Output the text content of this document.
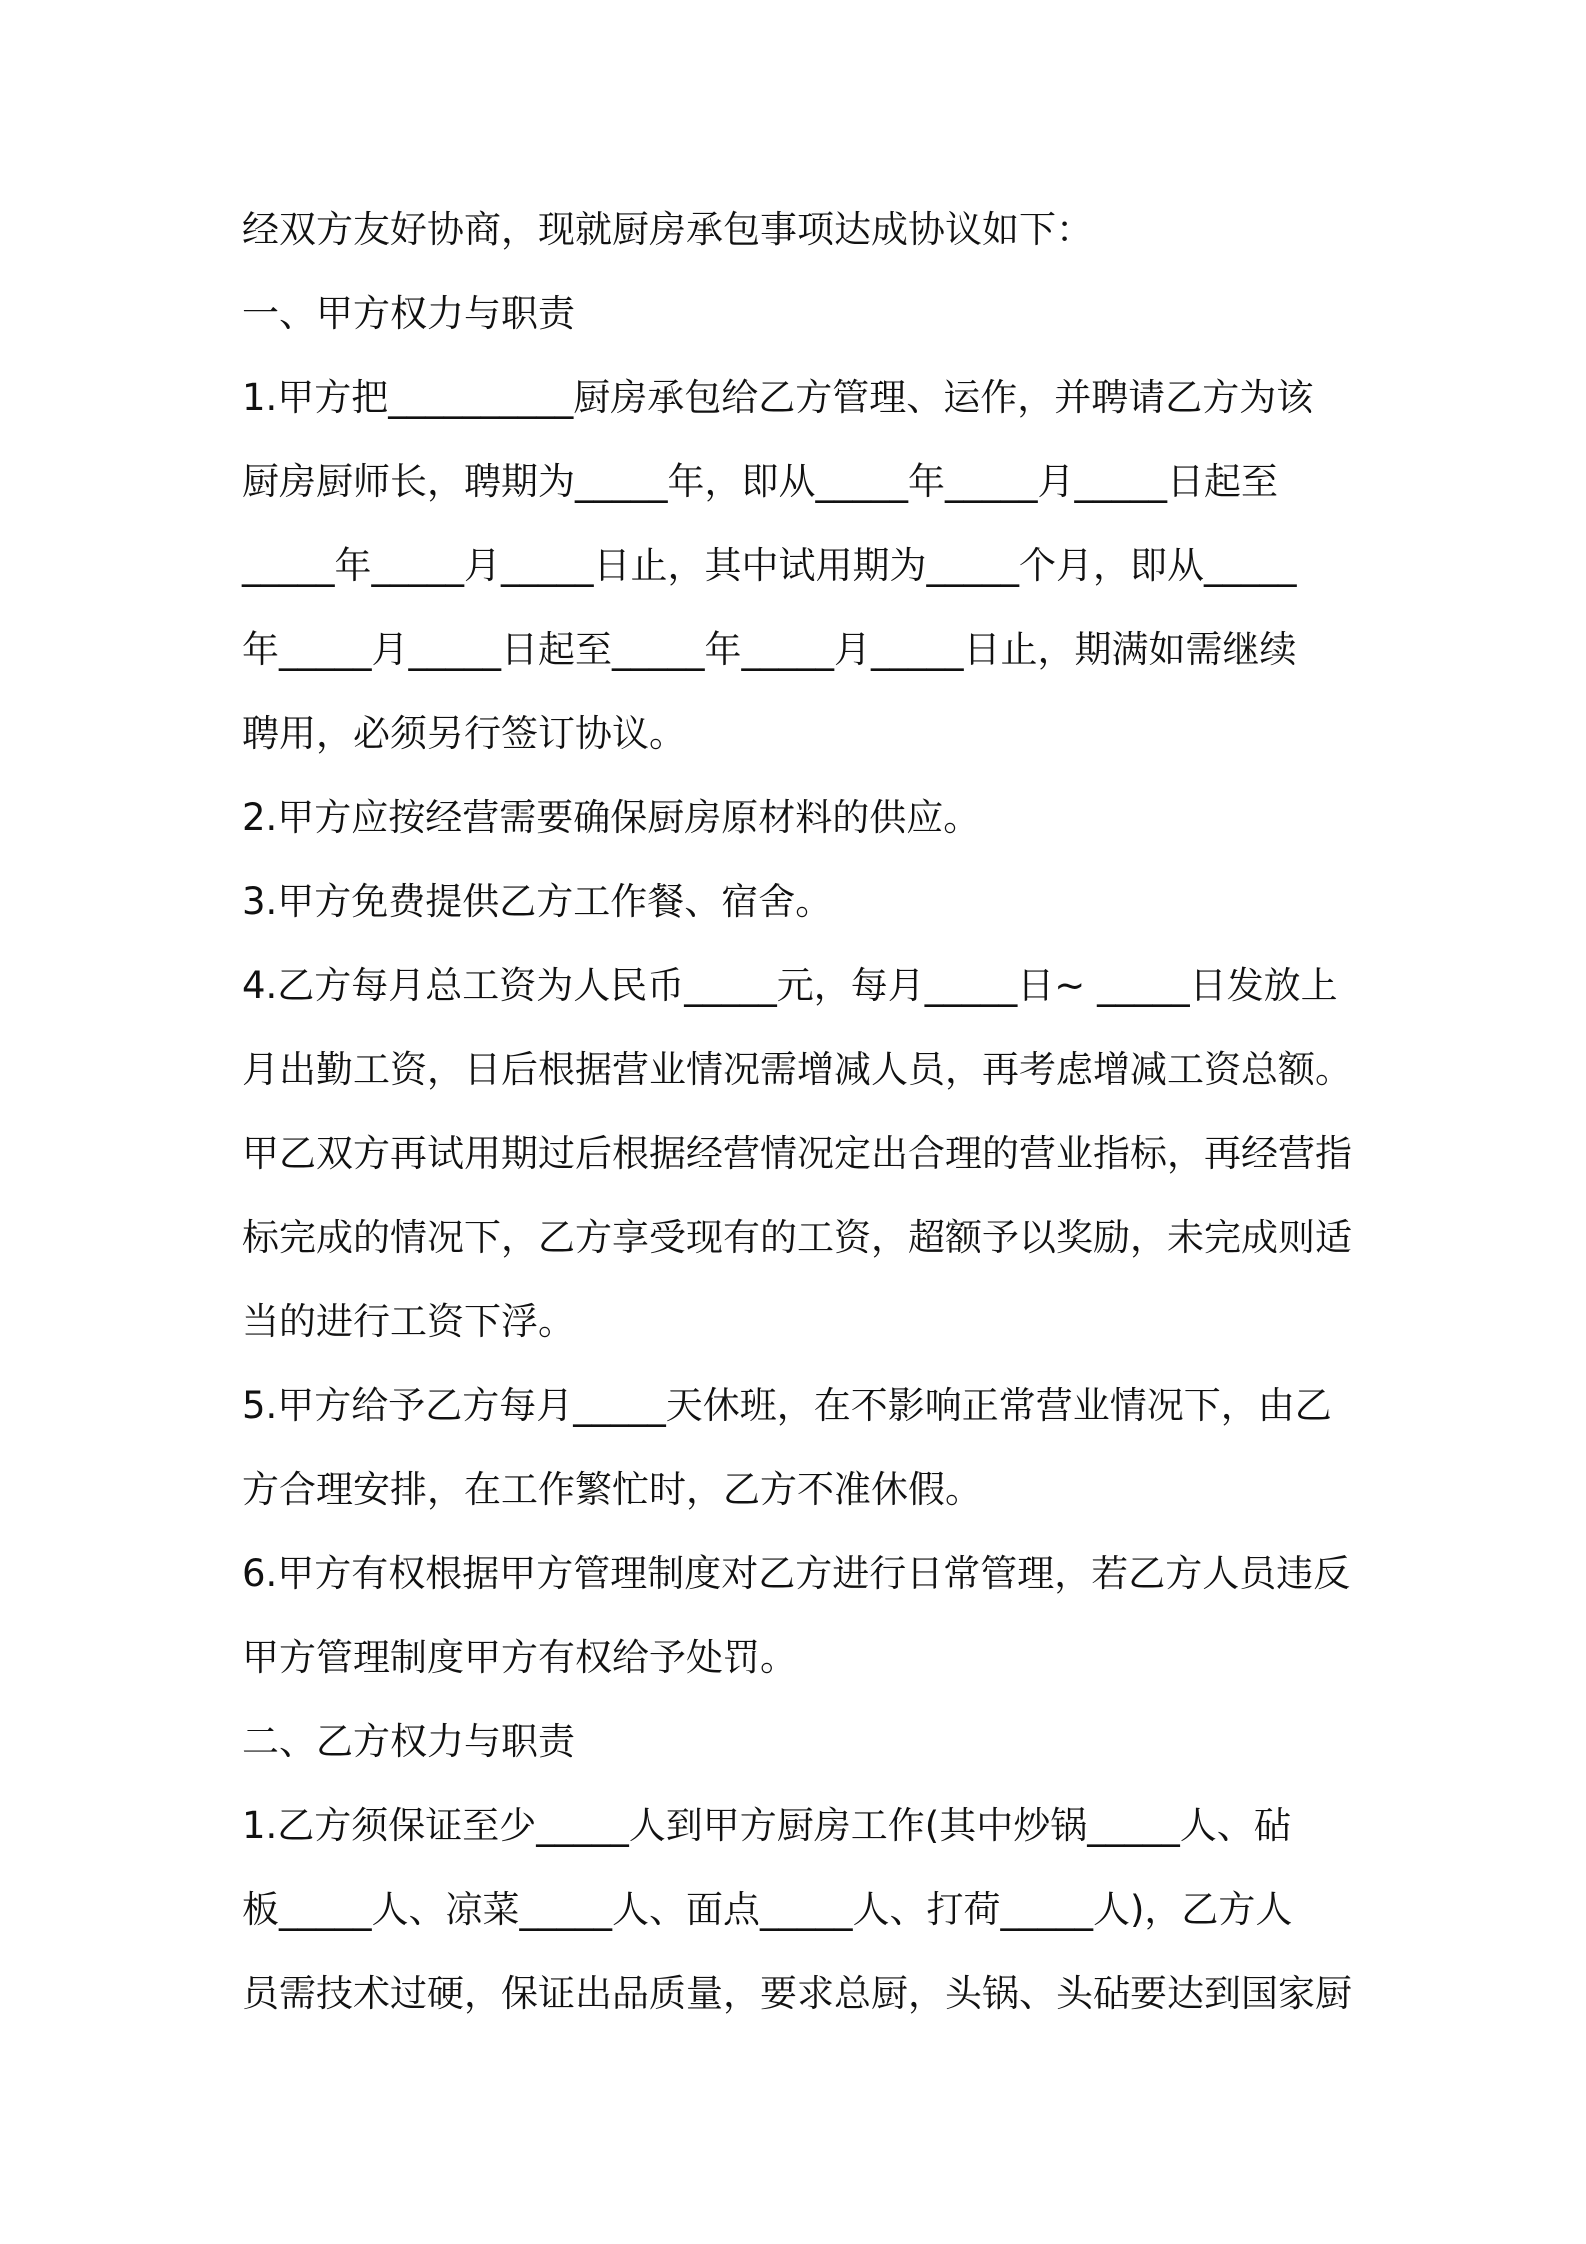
经双方友好协商，现就厨房承包事项达成协议如下：
一、甲方权力与职责
1.甲方把__________厨房承包给乙方管理、运作，并聘请乙方为该
厨房厨师长，聘期为_____年，即从_____年_____月_____日起至
_____年_____月_____日止，其中试用期为_____个月，即从_____
年_____月_____日起至_____年_____月_____日止，期满如需继续
聘用，必须另行签订协议。
2.甲方应按经营需要确保厨房原材料的供应。
3.甲方免费提供乙方工作餐、宿舍。
4.乙方每月总工资为人民币_____元，每月_____日~ _____日发放上
月出勤工资，日后根据营业情况需增减人员，再考虑增减工资总额。
甲乙双方再试用期过后根据经营情况定出合理的营业指标，再经营指
标完成的情况下，乙方享受现有的工资，超额予以奖励，未完成则适
当的进行工资下浮。
5.甲方给予乙方每月_____天休班，在不影响正常营业情况下，由乙
方合理安排，在工作繁忙时，乙方不准休假。
6.甲方有权根据甲方管理制度对乙方进行日常管理，若乙方人员违反
甲方管理制度甲方有权给予处罚。
二、乙方权力与职责
1.乙方须保证至少_____人到甲方厨房工作(其中炒锅_____人、砧
板_____人、凉菜_____人、面点_____人、打荷_____人)，乙方人
员需技术过硬，保证出品质量，要求总厨，头锅、头砧要达到国家厨
